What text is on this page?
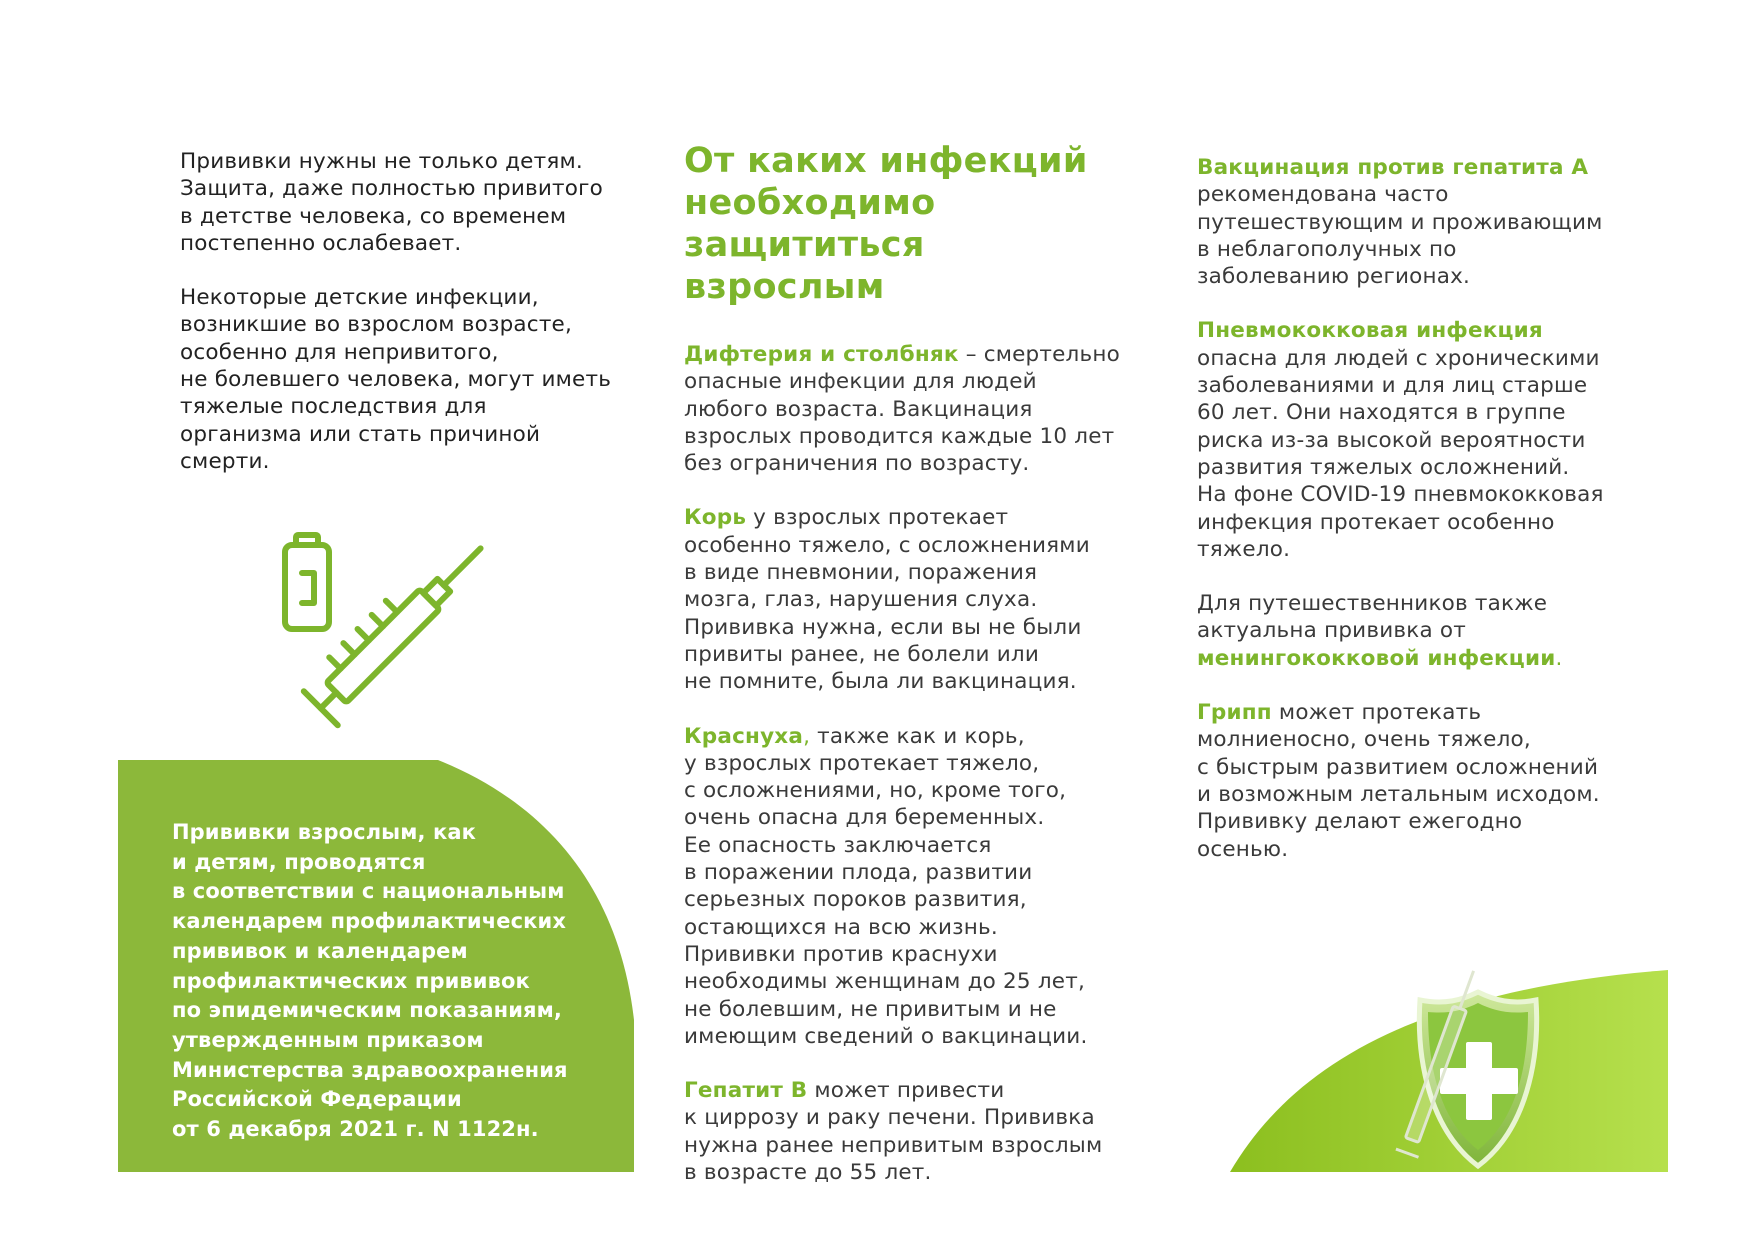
Прививки нужны не только детям.
Защита, даже полностью привитого
в детстве человека, со временем
постепенно ослабевает.

Некоторые детские инфекции,
возникшие во взрослом возрасте,
особенно для непривитого,
не болевшего человека, могут иметь
тяжелые последствия для
организма или стать причиной
смерти.

Прививки взрослым, как
и детям, проводятся
в соответствии с национальным
календарем профилактических
прививок и календарем
профилактических прививок
по эпидемическим показаниям,
утвержденным приказом
Министерства здравоохранения
Российской Федерации
от 6 декабря 2021 г. N 1122н.

От каких инфекций
необходимо
защититься взрослым

Дифтерия и столбняк – смертельно
опасные инфекции для людей
любого возраста. Вакцинация
взрослых проводится каждые 10 лет
без ограничения по возрасту.

Корь у взрослых протекает
особенно тяжело, с осложнениями
в виде пневмонии, поражения
мозга, глаз, нарушения слуха.
Прививка нужна, если вы не были
привиты ранее, не болели или
не помните, была ли вакцинация.

Краснуха, также как и корь,
у взрослых протекает тяжело,
с осложнениями, но, кроме того,
очень опасна для беременных.
Ее опасность заключается
в поражении плода, развитии
серьезных пороков развития,
остающихся на всю жизнь.
Прививки против краснухи
необходимы женщинам до 25 лет,
не болевшим, не привитым и не
имеющим сведений о вакцинации.

Гепатит В может привести
к циррозу и раку печени. Прививка
нужна ранее непривитым взрослым
в возрасте до 55 лет.

Вакцинация против гепатита А
рекомендована часто
путешествующим и проживающим
в неблагополучных по
заболеванию регионах.

Пневмококковая инфекция
опасна для людей с хроническими
заболеваниями и для лиц старше
60 лет. Они находятся в группе
риска из-за высокой вероятности
развития тяжелых осложнений.
На фоне COVID-19 пневмококковая
инфекция протекает особенно
тяжело.

Для путешественников также
актуальна прививка от
менингококковой инфекции.

Грипп может протекать
молниеносно, очень тяжело,
с быстрым развитием осложнений
и возможным летальным исходом.
Прививку делают ежегодно
осенью.
